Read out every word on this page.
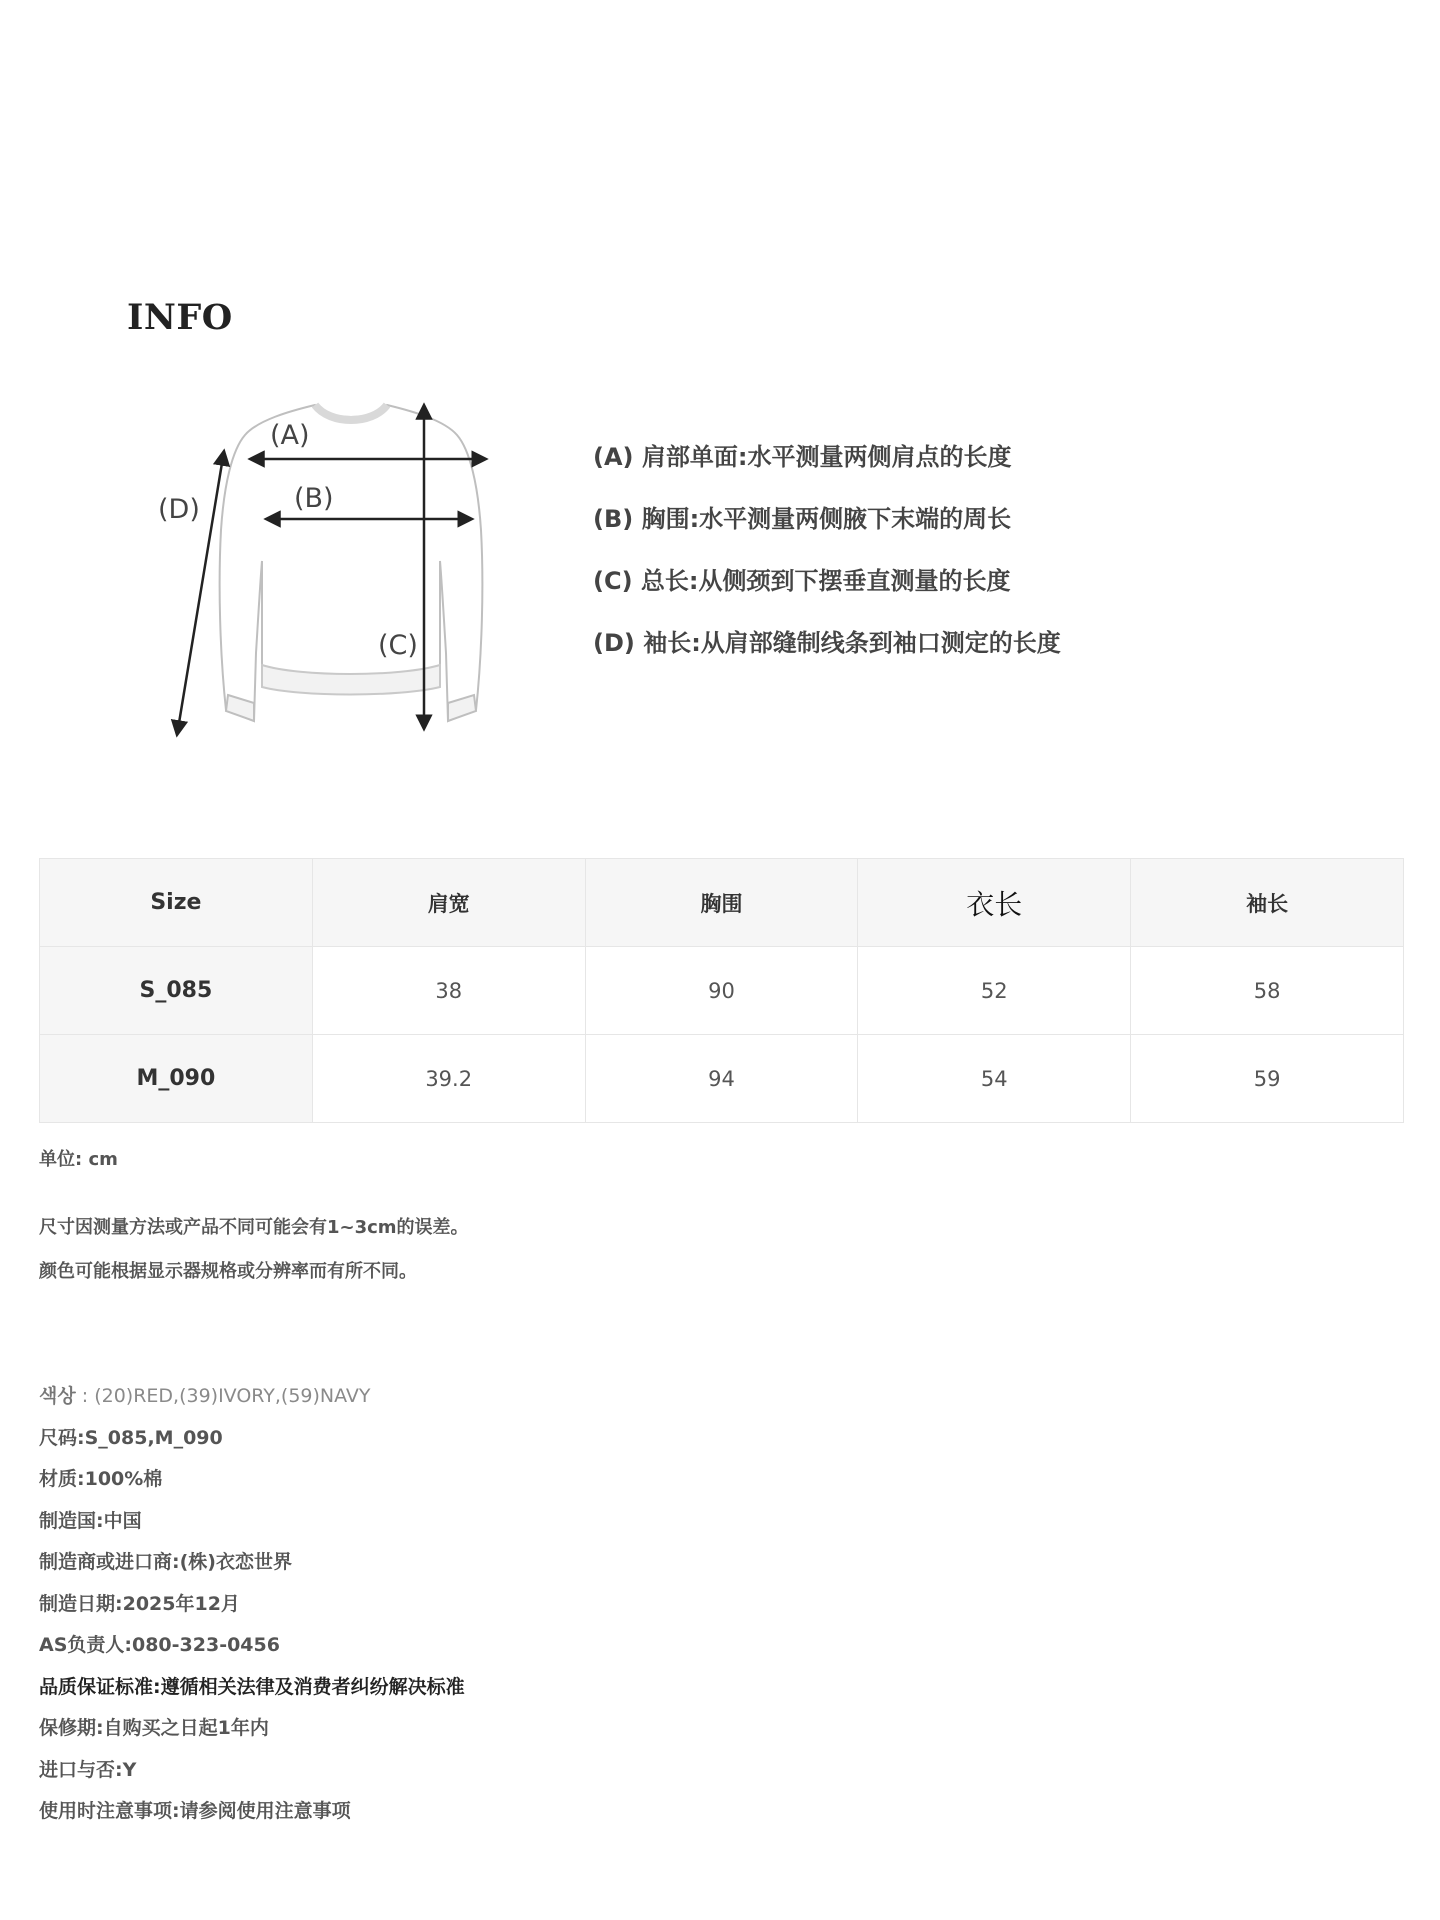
INFO
(A)
(B)
(C)
(D)
(A) 肩部单面:水平测量两侧肩点的长度
(B) 胸围:水平测量两侧腋下末端的周长
(C) 总长:从侧颈到下摆垂直测量的长度
(D) 袖长:从肩部缝制线条到袖口测定的长度
Size	肩宽	胸围	衣长	袖长
S_085	38	90	52	58
M_090	39.2	94	54	59
单位: cm
尺寸因测量方法或产品不同可能会有1~3cm的误差。
颜色可能根据显示器规格或分辨率而有所不同。
색상 : (20)RED,(39)IVORY,(59)NAVY
尺码:S_085,M_090
材质:100%棉
制造国:中国
制造商或进口商:(株)衣恋世界
制造日期:2025年12月
AS负责人:080-323-0456
品质保证标准:遵循相关法律及消费者纠纷解决标准
保修期:自购买之日起1年内
进口与否:Y
使用时注意事项:请参阅使用注意事项
